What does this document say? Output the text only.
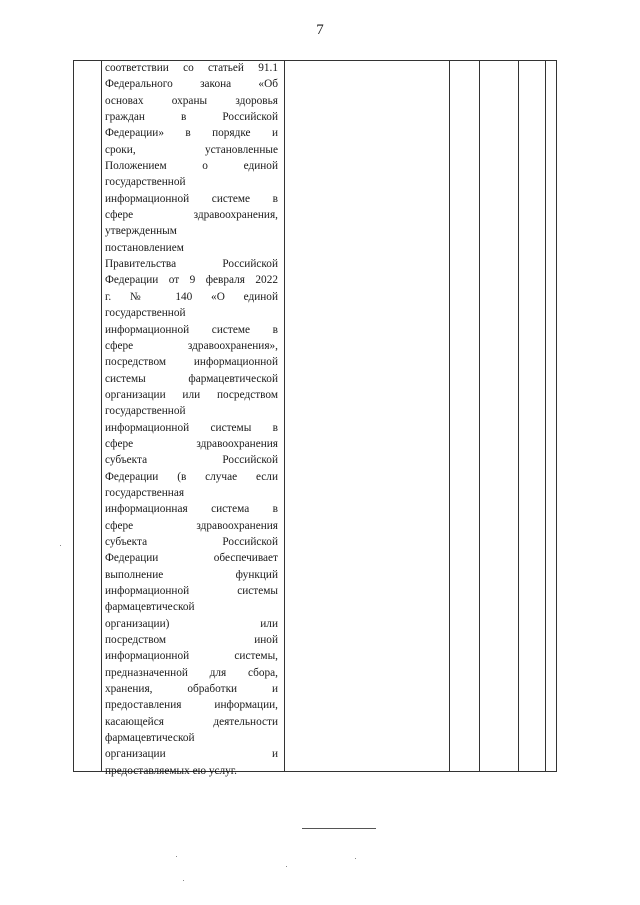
7
соответствии со статьей 91.1
Федерального закона «Об
основах охраны здоровья
граждан в Российской
Федерации» в порядке и
сроки, установленные
Положением о единой
государственной
информационной системе в
сфере здравоохранения,
утвержденным
постановлением
Правительства Российской
Федерации от 9 февраля 2022
г. № 140 «О единой
государственной
информационной системе в
сфере здравоохранения»,
посредством информационной
системы фармацевтической
организации или посредством
государственной
информационной системы в
сфере здравоохранения
субъекта Российской
Федерации (в случае если
государственная
информационная система в
сфере здравоохранения
субъекта Российской
Федерации обеспечивает
выполнение функций
информационной системы
фармацевтической
организации) или
посредством иной
информационной системы,
предназначенной для сбора,
хранения, обработки и
предоставления информации,
касающейся деятельности
фармацевтической
организации и
предоставляемых ею услуг.
